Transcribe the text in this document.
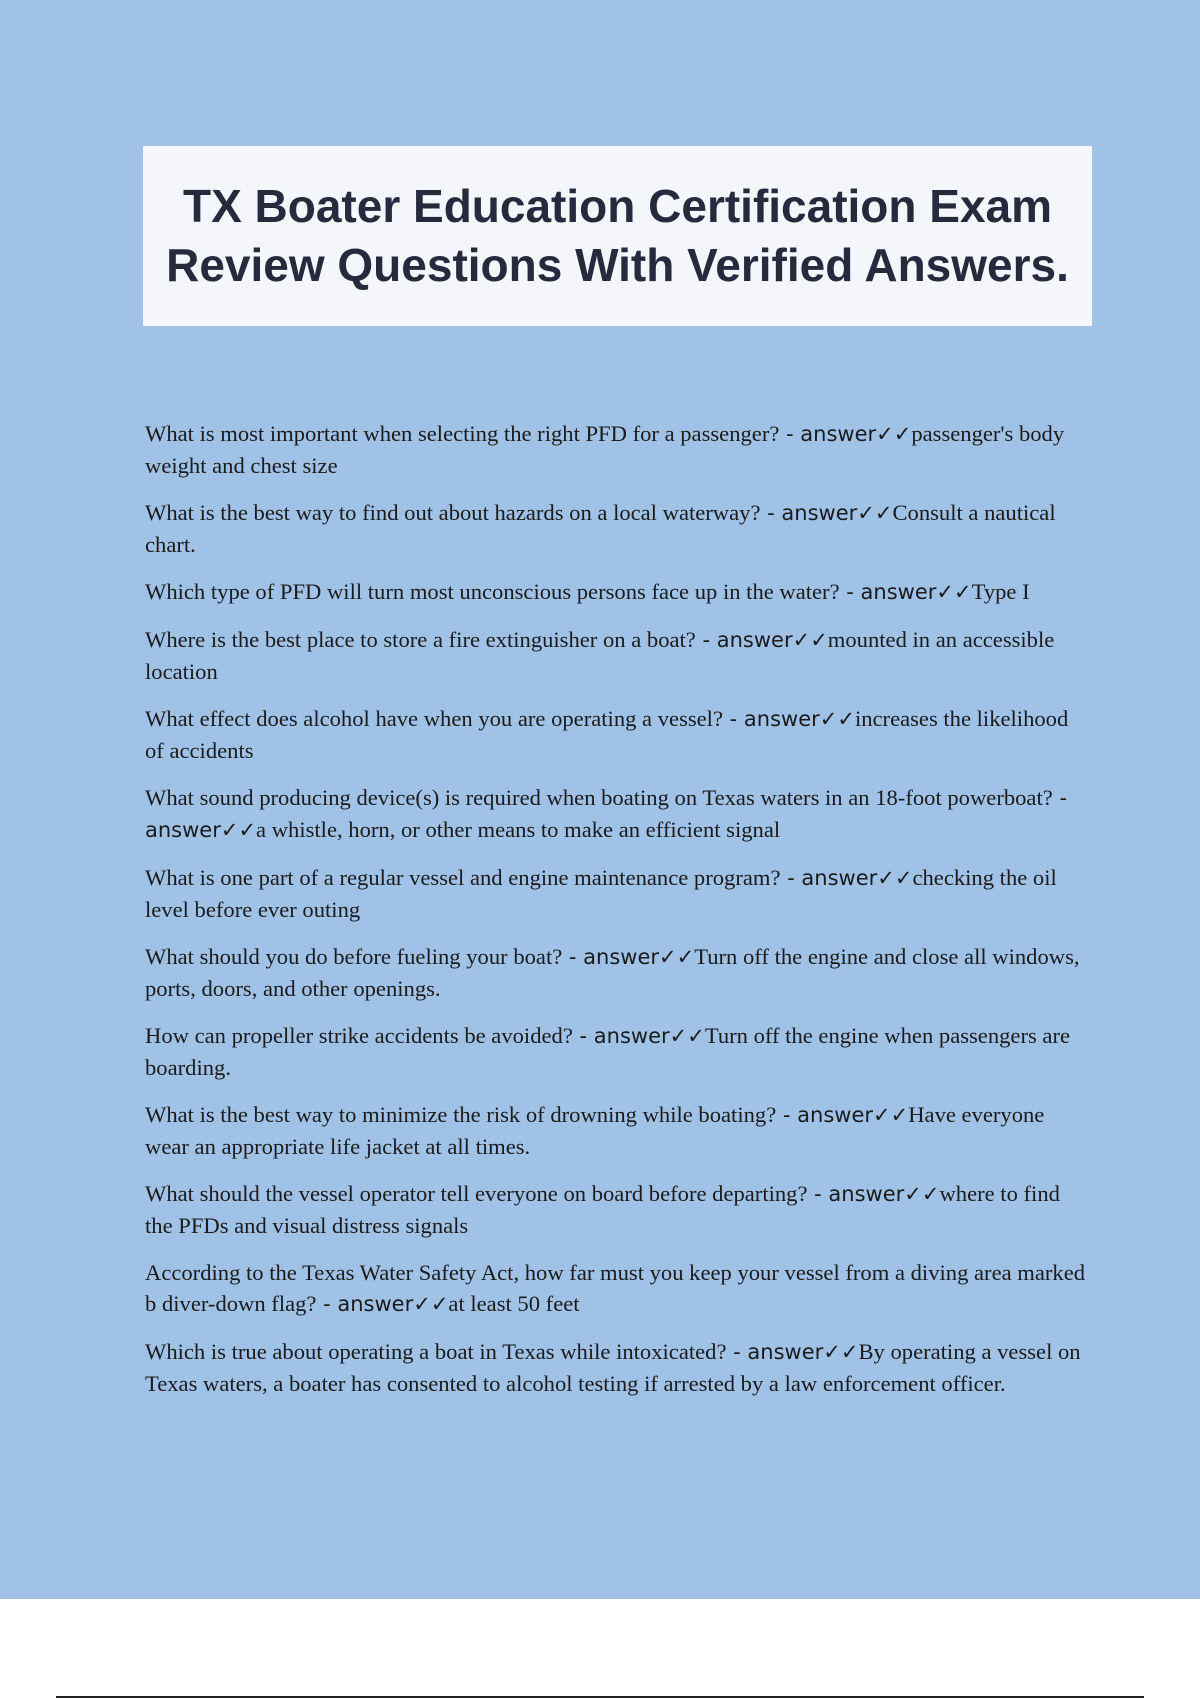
TX Boater Education Certification Exam Review Questions With Verified Answers.
What is most important when selecting the right PFD for a passenger? - answer✓✓passenger's body weight and chest size
What is the best way to find out about hazards on a local waterway? - answer✓✓Consult a nautical chart.
Which type of PFD will turn most unconscious persons face up in the water? - answer✓✓Type I
Where is the best place to store a fire extinguisher on a boat? - answer✓✓mounted in an accessible location
What effect does alcohol have when you are operating a vessel? - answer✓✓increases the likelihood of accidents
What sound producing device(s) is required when boating on Texas waters in an 18-foot powerboat? - answer✓✓a whistle, horn, or other means to make an efficient signal
What is one part of a regular vessel and engine maintenance program? - answer✓✓checking the oil level before ever outing
What should you do before fueling your boat? - answer✓✓Turn off the engine and close all windows, ports, doors, and other openings.
How can propeller strike accidents be avoided? - answer✓✓Turn off the engine when passengers are boarding.
What is the best way to minimize the risk of drowning while boating? - answer✓✓Have everyone wear an appropriate life jacket at all times.
What should the vessel operator tell everyone on board before departing? - answer✓✓where to find the PFDs and visual distress signals
According to the Texas Water Safety Act, how far must you keep your vessel from a diving area marked b diver-down flag? - answer✓✓at least 50 feet
Which is true about operating a boat in Texas while intoxicated? - answer✓✓By operating a vessel on Texas waters, a boater has consented to alcohol testing if arrested by a law enforcement officer.
